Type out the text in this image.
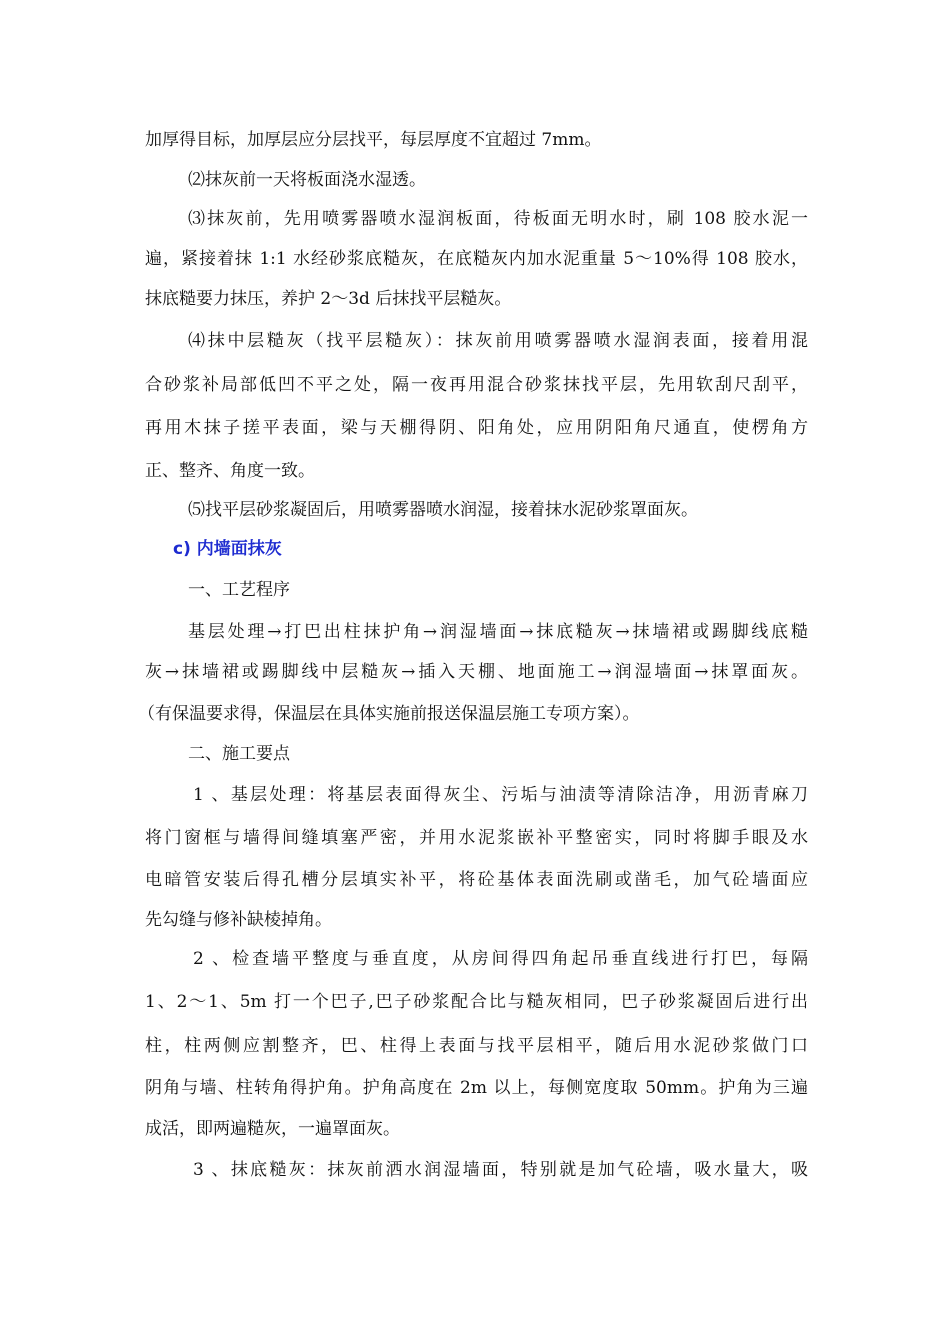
加厚得目标，加厚层应分层找平，每层厚度不宜超过 7mm。
⑵抹灰前一天将板面浇水湿透。
⑶抹灰前，先用喷雾器喷水湿润板面，待板面无明水时，刷 108 胶水泥一
遍，紧接着抹 1:1 水经砂浆底糙灰，在底糙灰内加水泥重量 5～10%得 108 胶水，
抹底糙要力抹压，养护 2～3d 后抹找平层糙灰。
⑷抹中层糙灰（找平层糙灰）：抹灰前用喷雾器喷水湿润表面，接着用混
合砂浆补局部低凹不平之处，隔一夜再用混合砂浆抹找平层，先用软刮尺刮平，
再用木抹子搓平表面，梁与天棚得阴、阳角处，应用阴阳角尺通直，使楞角方
正、整齐、角度一致。
⑸找平层砂浆凝固后，用喷雾器喷水润湿，接着抹水泥砂浆罩面灰。
c) 内墙面抹灰
一、工艺程序
基层处理→打巴出柱抹护角→润湿墙面→抹底糙灰→抹墙裙或踢脚线底糙
灰→抹墙裙或踢脚线中层糙灰→插入天棚、地面施工→润湿墙面→抹罩面灰。
（有保温要求得，保温层在具体实施前报送保温层施工专项方案）。
二、施工要点
1 、基层处理：将基层表面得灰尘、污垢与油渍等清除洁净，用沥青麻刀
将门窗框与墙得间缝填塞严密，并用水泥浆嵌补平整密实，同时将脚手眼及水
电暗管安装后得孔槽分层填实补平，将砼基体表面洗刷或凿毛，加气砼墙面应
先勾缝与修补缺棱掉角。
2 、检查墙平整度与垂直度，从房间得四角起吊垂直线进行打巴，每隔
1、2～1、5m 打一个巴子,巴子砂浆配合比与糙灰相同，巴子砂浆凝固后进行出
柱，柱两侧应割整齐，巴、柱得上表面与找平层相平，随后用水泥砂浆做门口
阴角与墙、柱转角得护角。护角高度在 2m 以上，每侧宽度取 50mm。护角为三遍
成活，即两遍糙灰，一遍罩面灰。
3 、抹底糙灰：抹灰前洒水润湿墙面，特别就是加气砼墙，吸水量大，吸
